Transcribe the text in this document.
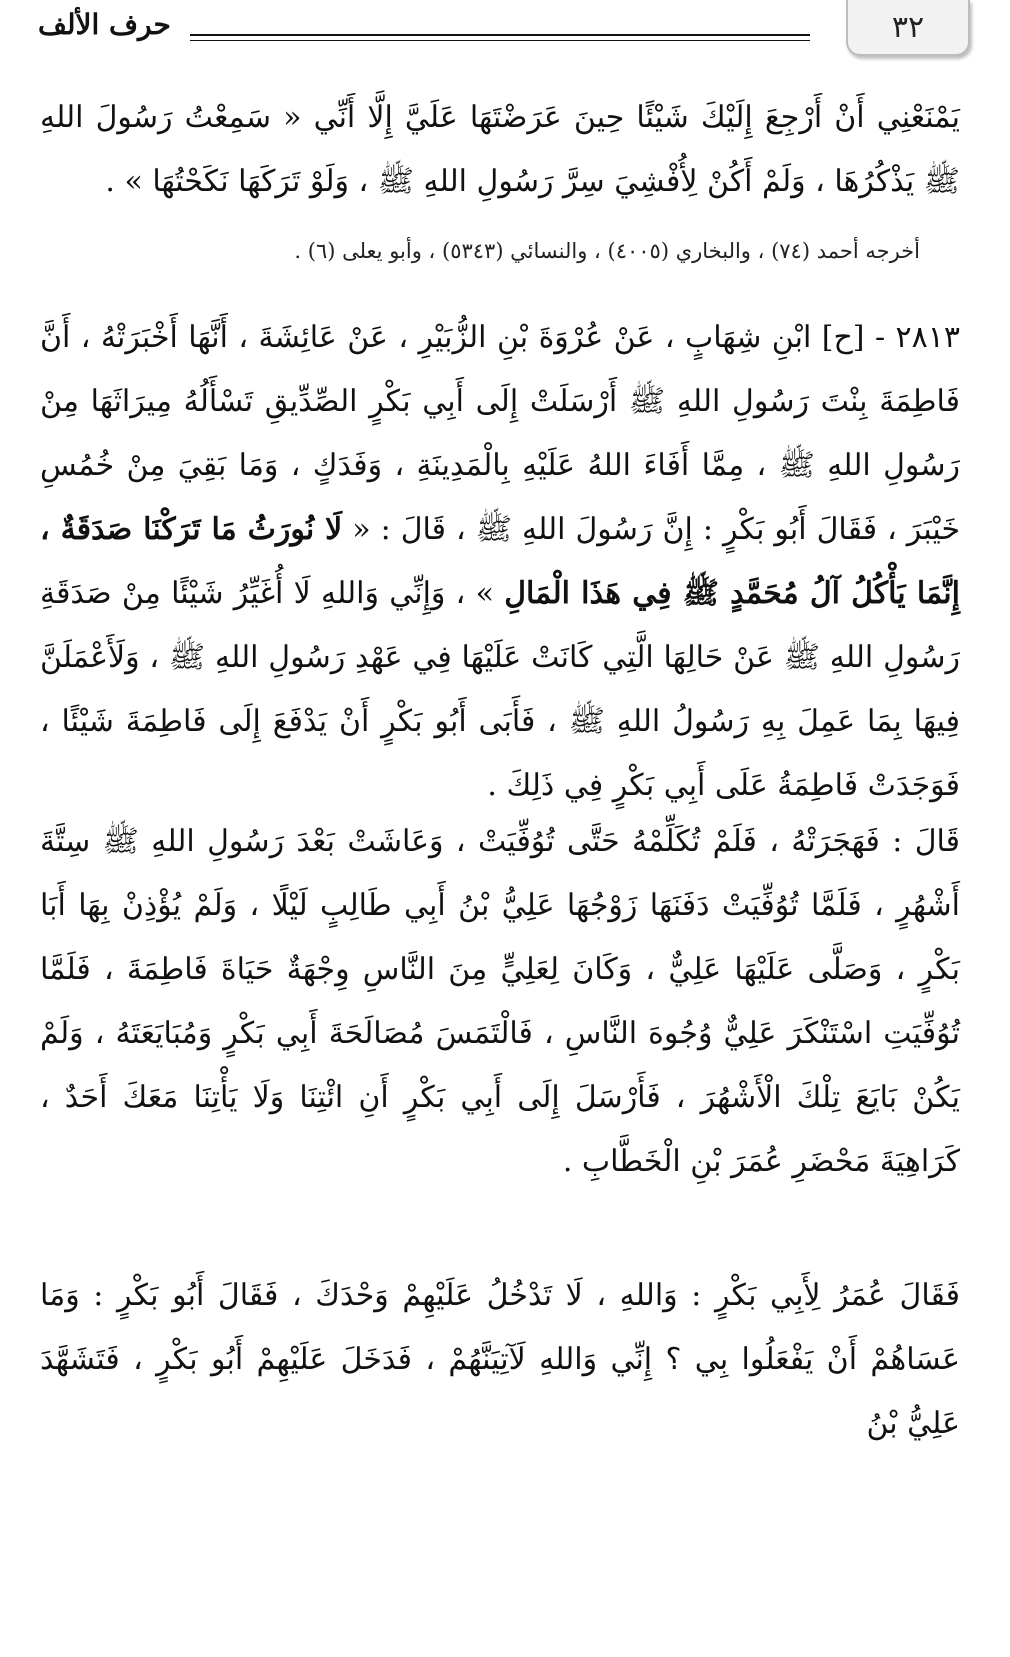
٣٢
حرف الألف

يَمْنَعْنِي أَنْ أَرْجِعَ إِلَيْكَ شَيْئًا حِينَ عَرَضْتَهَا عَلَيَّ إِلَّا أَنِّي « سَمِعْتُ رَسُولَ اللهِ ﷺ يَذْكُرُهَا ، وَلَمْ أَكُنْ لِأُفْشِيَ سِرَّ رَسُولِ اللهِ ﷺ ، وَلَوْ تَرَكَهَا نَكَحْتُهَا » .

أخرجه أحمد (٧٤) ، والبخاري (٤٠٠٥) ، والنسائي (٥٣٤٣) ، وأبو يعلى (٦) .

٢٨١٣ - [ح] ابْنِ شِهَابٍ ، عَنْ عُرْوَةَ بْنِ الزُّبَيْرِ ، عَنْ عَائِشَةَ ، أَنَّهَا أَخْبَرَتْهُ ، أَنَّ فَاطِمَةَ بِنْتَ رَسُولِ اللهِ ﷺ أَرْسَلَتْ إِلَى أَبِي بَكْرٍ الصِّدِّيقِ تَسْأَلُهُ مِيرَاثَهَا مِنْ رَسُولِ اللهِ ﷺ ، مِمَّا أَفَاءَ اللهُ عَلَيْهِ بِالْمَدِينَةِ ، وَفَدَكٍ ، وَمَا بَقِيَ مِنْ خُمُسِ خَيْبَرَ ، فَقَالَ أَبُو بَكْرٍ : إِنَّ رَسُولَ اللهِ ﷺ ، قَالَ : « لَا نُورَثُ مَا تَرَكْنَا صَدَقَةٌ ، إِنَّمَا يَأْكُلُ آلُ مُحَمَّدٍ ﷺ فِي هَذَا الْمَالِ » ، وَإِنِّي وَاللهِ لَا أُغَيِّرُ شَيْئًا مِنْ صَدَقَةِ رَسُولِ اللهِ ﷺ عَنْ حَالِهَا الَّتِي كَانَتْ عَلَيْهَا فِي عَهْدِ رَسُولِ اللهِ ﷺ ، وَلَأَعْمَلَنَّ فِيهَا بِمَا عَمِلَ بِهِ رَسُولُ اللهِ ﷺ ، فَأَبَى أَبُو بَكْرٍ أَنْ يَدْفَعَ إِلَى فَاطِمَةَ شَيْئًا ، فَوَجَدَتْ فَاطِمَةُ عَلَى أَبِي بَكْرٍ فِي ذَلِكَ .

قَالَ : فَهَجَرَتْهُ ، فَلَمْ تُكَلِّمْهُ حَتَّى تُوُفِّيَتْ ، وَعَاشَتْ بَعْدَ رَسُولِ اللهِ ﷺ سِتَّةَ أَشْهُرٍ ، فَلَمَّا تُوُفِّيَتْ دَفَنَهَا زَوْجُهَا عَلِيُّ بْنُ أَبِي طَالِبٍ لَيْلًا ، وَلَمْ يُؤْذِنْ بِهَا أَبَا بَكْرٍ ، وَصَلَّى عَلَيْهَا عَلِيٌّ ، وَكَانَ لِعَلِيٍّ مِنَ النَّاسِ وِجْهَةٌ حَيَاةَ فَاطِمَةَ ، فَلَمَّا تُوُفِّيَتِ اسْتَنْكَرَ عَلِيٌّ وُجُوهَ النَّاسِ ، فَالْتَمَسَ مُصَالَحَةَ أَبِي بَكْرٍ وَمُبَايَعَتَهُ ، وَلَمْ يَكُنْ بَايَعَ تِلْكَ الْأَشْهُرَ ، فَأَرْسَلَ إِلَى أَبِي بَكْرٍ أَنِ ائْتِنَا وَلَا يَأْتِنَا مَعَكَ أَحَدٌ ، كَرَاهِيَةَ مَحْضَرِ عُمَرَ بْنِ الْخَطَّابِ .

فَقَالَ عُمَرُ لِأَبِي بَكْرٍ : وَاللهِ ، لَا تَدْخُلُ عَلَيْهِمْ وَحْدَكَ ، فَقَالَ أَبُو بَكْرٍ : وَمَا عَسَاهُمْ أَنْ يَفْعَلُوا بِي ؟ إِنِّي وَاللهِ لَآتِيَنَّهُمْ ، فَدَخَلَ عَلَيْهِمْ أَبُو بَكْرٍ ، فَتَشَهَّدَ عَلِيُّ بْنُ
